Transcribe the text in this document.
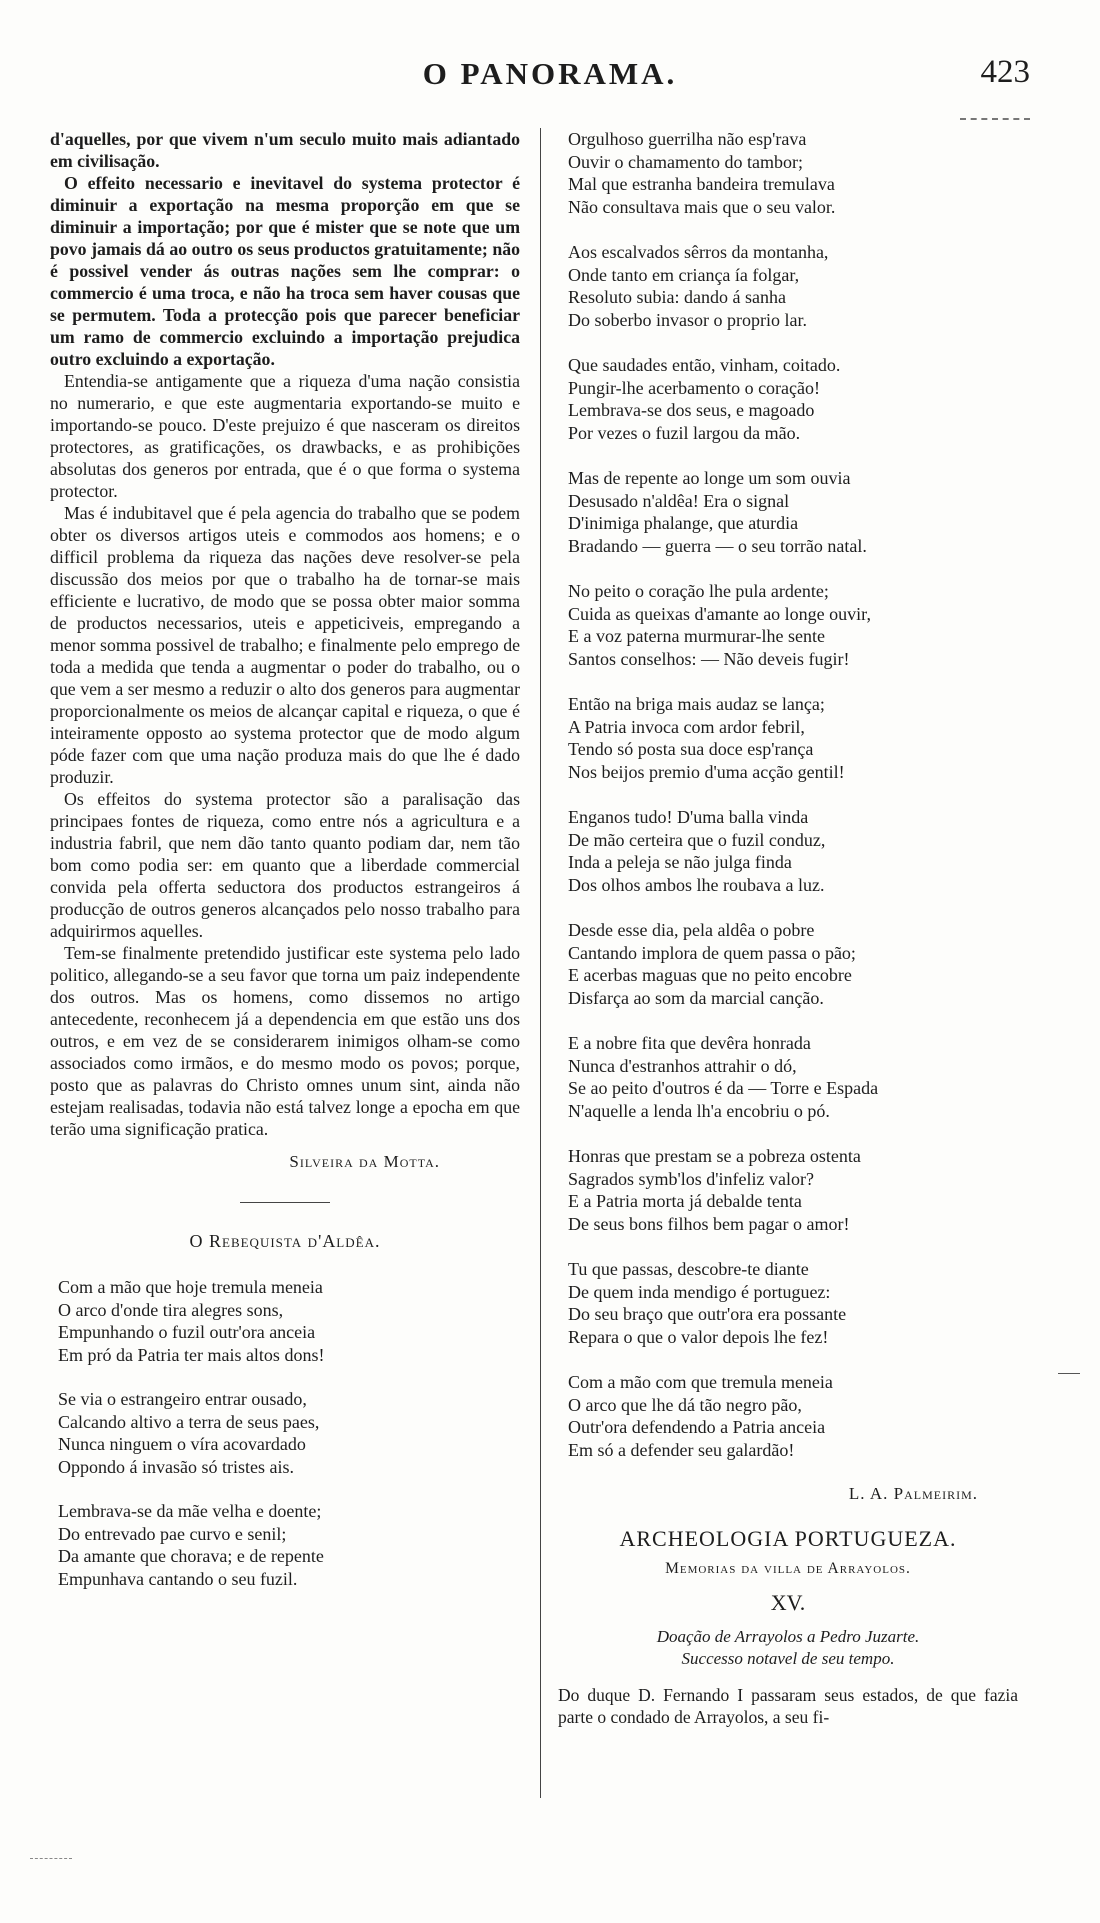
O PANORAMA.	423

d'aquelles, por que vivem n'um seculo muito mais adiantado em civilisação.

O effeito necessario e inevitavel do systema protector é diminuir a exportação na mesma proporção em que se diminuir a importação; por que é mister que se note que um povo jamais dá ao outro os seus productos gratuitamente; não é possivel vender ás outras nações sem lhe comprar: o commercio é uma troca, e não ha troca sem haver cousas que se permutem. Toda a protecção pois que parecer beneficiar um ramo de commercio excluindo a importação prejudica outro excluindo a exportação.

Entendia-se antigamente que a riqueza d'uma nação consistia no numerario, e que este augmentaria exportando-se muito e importando-se pouco. D'este prejuizo é que nasceram os direitos protectores, as gratificações, os drawbacks, e as prohibições absolutas dos generos por entrada, que é o que forma o systema protector.

Mas é indubitavel que é pela agencia do trabalho que se podem obter os diversos artigos uteis e commodos aos homens; e o difficil problema da riqueza das nações deve resolver-se pela discussão dos meios por que o trabalho ha de tornar-se mais efficiente e lucrativo, de modo que se possa obter maior somma de productos necessarios, uteis e appeticiveis, empregando a menor somma possivel de trabalho; e finalmente pelo emprego de toda a medida que tenda a augmentar o poder do trabalho, ou o que vem a ser mesmo a reduzir o alto dos generos para augmentar proporcionalmente os meios de alcançar capital e riqueza, o que é inteiramente opposto ao systema protector que de modo algum póde fazer com que uma nação produza mais do que lhe é dado produzir.

Os effeitos do systema protector são a paralisação das principaes fontes de riqueza, como entre nós a agricultura e a industria fabril, que nem dão tanto quanto podiam dar, nem tão bom como podia ser: em quanto que a liberdade commercial convida pela offerta seductora dos productos estrangeiros á producção de outros generos alcançados pelo nosso trabalho para adquirirmos aquelles.

Tem-se finalmente pretendido justificar este systema pelo lado politico, allegando-se a seu favor que torna um paiz independente dos outros. Mas os homens, como dissemos no artigo antecedente, reconhecem já a dependencia em que estão uns dos outros, e em vez de se considerarem inimigos olham-se como associados como irmãos, e do mesmo modo os povos; porque, posto que as palavras do Christo omnes unum sint, ainda não estejam realisadas, todavia não está talvez longe a epocha em que terão uma significação pratica.

Silveira da Motta.
O Rebequista d'Aldêa.
Com a mão que hoje tremula meneia
O arco d'onde tira alegres sons,
Empunhando o fuzil outr'ora anceia
Em pró da Patria ter mais altos dons!
Se via o estrangeiro entrar ousado,
Calcando altivo a terra de seus paes,
Nunca ninguem o víra acovardado
Oppondo á invasão só tristes ais.
Lembrava-se da mãe velha e doente;
Do entrevado pae curvo e senil;
Da amante que chorava; e de repente
Empunhava cantando o seu fuzil.
Orgulhoso guerrilha não esp'rava
Ouvir o chamamento do tambor;
Mal que estranha bandeira tremulava
Não consultava mais que o seu valor.
Aos escalvados sêrros da montanha,
Onde tanto em criança ía folgar,
Resoluto subia: dando á sanha
Do soberbo invasor o proprio lar.
Que saudades então, vinham, coitado.
Pungir-lhe acerbamento o coração!
Lembrava-se dos seus, e magoado
Por vezes o fuzil largou da mão.
Mas de repente ao longe um som ouvia
Desusado n'aldêa! Era o signal
D'inimiga phalange, que aturdia
Bradando — guerra — o seu torrão natal.
No peito o coração lhe pula ardente;
Cuida as queixas d'amante ao longe ouvir,
E a voz paterna murmurar-lhe sente
Santos conselhos: — Não deveis fugir!
Então na briga mais audaz se lança;
A Patria invoca com ardor febril,
Tendo só posta sua doce esp'rança
Nos beijos premio d'uma acção gentil!
Enganos tudo! D'uma balla vinda
De mão certeira que o fuzil conduz,
Inda a peleja se não julga finda
Dos olhos ambos lhe roubava a luz.
Desde esse dia, pela aldêa o pobre
Cantando implora de quem passa o pão;
E acerbas maguas que no peito encobre
Disfarça ao som da marcial canção.
E a nobre fita que devêra honrada
Nunca d'estranhos attrahir o dó,
Se ao peito d'outros é da — Torre e Espada
N'aquelle a lenda lh'a encobriu o pó.
Honras que prestam se a pobreza ostenta
Sagrados symb'los d'infeliz valor?
E a Patria morta já debalde tenta
De seus bons filhos bem pagar o amor!
Tu que passas, descobre-te diante
De quem inda mendigo é portuguez:
Do seu braço que outr'ora era possante
Repara o que o valor depois lhe fez!
Com a mão com que tremula meneia
O arco que lhe dá tão negro pão,
Outr'ora defendendo a Patria anceia
Em só a defender seu galardão!
L. A. Palmeirim.
ARCHEOLOGIA PORTUGUEZA.
Memorias da villa de Arrayolos.
XV.
Doação de Arrayolos a Pedro Juzarte.
Successo notavel de seu tempo.

Do duque D. Fernando I passaram seus estados, de que fazia parte o condado de Arrayolos, a seu fi-
